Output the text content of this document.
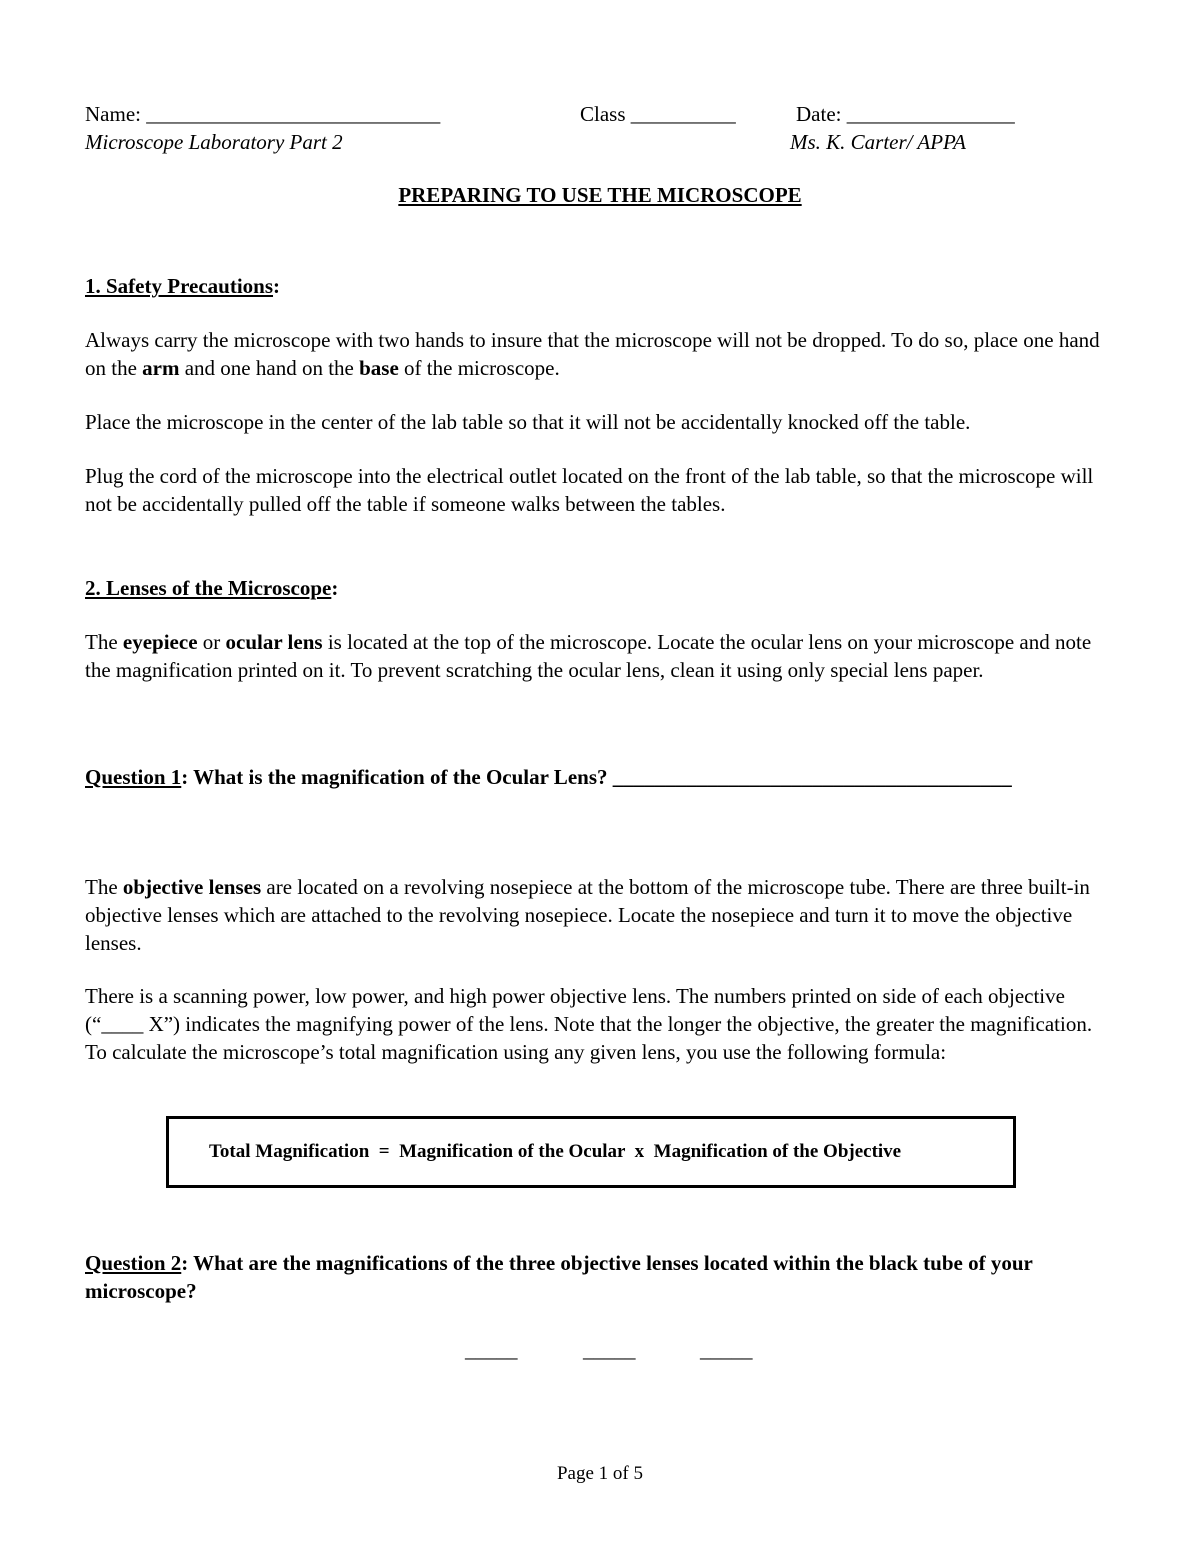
Name: ____________________________	Class __________	Date: ________________
Microscope Laboratory Part 2	Ms. K. Carter/ APPA
PREPARING TO USE THE MICROSCOPE
1. Safety Precautions:
Always carry the microscope with two hands to insure that the microscope will not be dropped. To do so, place one hand on the arm and one hand on the base of the microscope.
Place the microscope in the center of the lab table so that it will not be accidentally knocked off the table.
Plug the cord of the microscope into the electrical outlet located on the front of the lab table, so that the microscope will not be accidentally pulled off the table if someone walks between the tables.
2. Lenses of the Microscope:
The eyepiece or ocular lens is located at the top of the microscope. Locate the ocular lens on your microscope and note the magnification printed on it. To prevent scratching the ocular lens, clean it using only special lens paper.
Question 1: What is the magnification of the Ocular Lens? ______________________________________
The objective lenses are located on a revolving nosepiece at the bottom of the microscope tube. There are three built-in objective lenses which are attached to the revolving nosepiece. Locate the nosepiece and turn it to move the objective lenses.
There is a scanning power, low power, and high power objective lens. The numbers printed on side of each objective (“____ X”) indicates the magnifying power of the lens. Note that the longer the objective, the greater the magnification. To calculate the microscope’s total magnification using any given lens, you use the following formula:
Total Magnification  =  Magnification of the Ocular  x  Magnification of the Objective
Question 2: What are the magnifications of the three objective lenses located within the black tube of your microscope?
_____	_____	_____
Page 1 of 5
